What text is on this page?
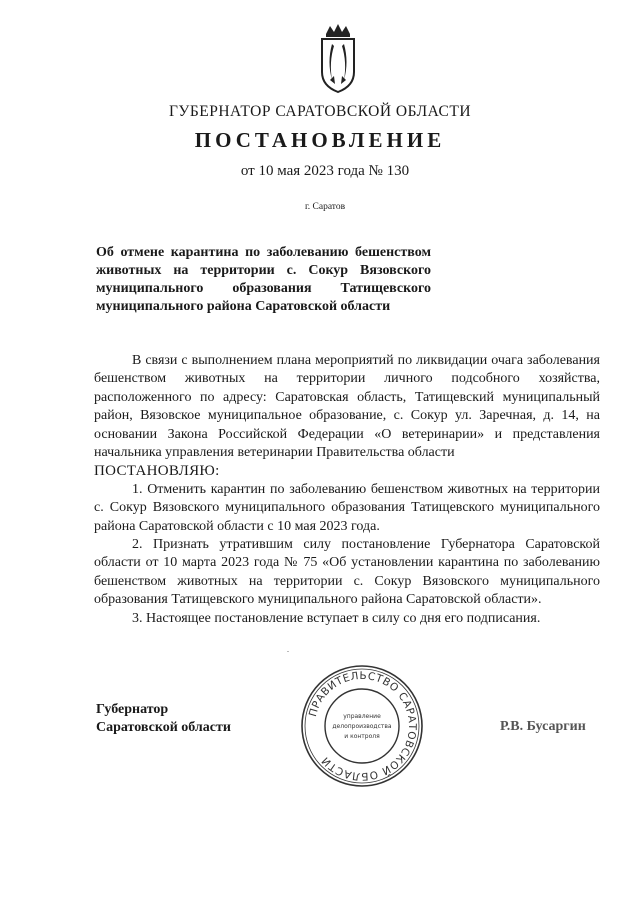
ГУБЕРНАТОР САРАТОВСКОЙ ОБЛАСТИ
ПОСТАНОВЛЕНИЕ
от 10 мая 2023 года № 130
г. Саратов
Об отмене карантина по заболеванию бешенством животных на территории с. Сокур Вязовского муниципального образования Татищевского муниципального района Саратовской области

В связи с выполнением плана мероприятий по ликвидации очага заболевания бешенством животных на территории личного подсобного хозяйства, расположенного по адресу: Саратовская область, Татищевский муниципальный район, Вязовское муниципальное образование, с. Сокур ул. Заречная, д. 14, на основании Закона Российской Федерации «О ветеринарии» и представления начальника управления ветеринарии Правительства области

ПОСТАНОВЛЯЮ:

1. Отменить карантин по заболеванию бешенством животных на территории с. Сокур Вязовского муниципального образования Татищевского муниципального района Саратовской области с 10 мая 2023 года.

2. Признать утратившим силу постановление Губернатора Саратовской области от 10 марта 2023 года № 75 «Об установлении карантина по заболеванию бешенством животных на территории с. Сокур Вязовского муниципального образования Татищевского муниципального района Саратовской области».

3. Настоящее постановление вступает в силу со дня его подписания.

Губернатор
Саратовской области
ПРАВИТЕЛЬСТВО САРАТОВСКОЙ ОБЛАСТИ
управление
делопроизводства
и контроля
Р.В. Бусаргин
